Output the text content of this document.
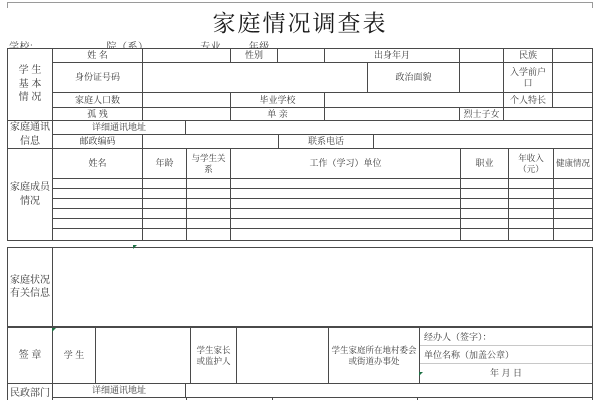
家庭情况调查表
学 生
基 本
情 况	姓 名		性别		出身年月			民族	
	身份证号码					政治面貌		入学前户口	
	家庭人口数		毕业学校					个人特长	
	孤 残		单 亲				烈士子女		
家庭通讯
信息	详细通讯地址				
	邮政编码			联系电话	
家庭成员
情况	姓名	年龄	与学生关系	工作（学习）单位	职业	年收入（元）	健康情况

家庭状况
有关信息

签 章	学 生		学生家长或监护人		学生家庭所在地村委会或街道办事处	
经办人（签字）：
单位名称（加盖公章）
年 月 日
民政部门	详细通讯地址			
